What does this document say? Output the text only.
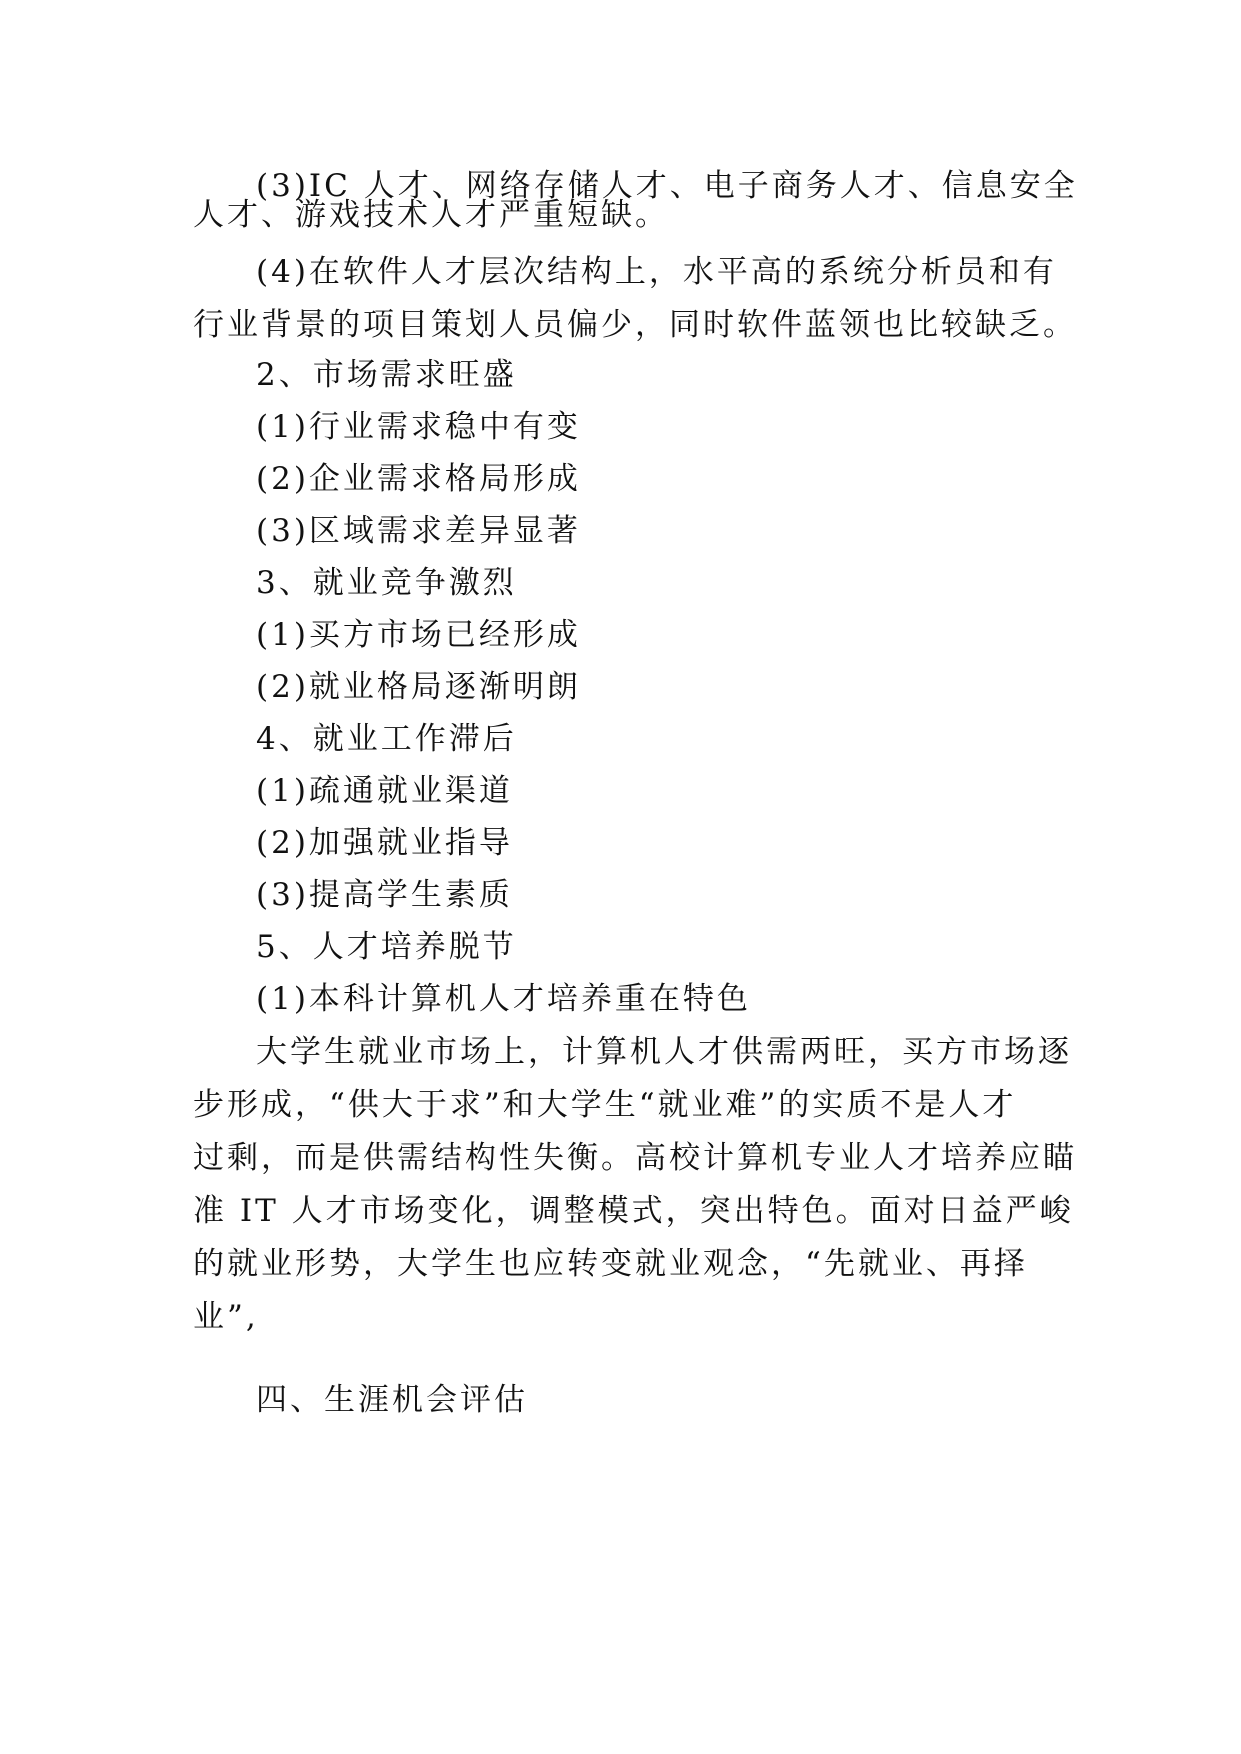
(3)IC 人才、网络存储人才、电子商务人才、信息安全
人才、游戏技术人才严重短缺。
(4)在软件人才层次结构上，水平高的系统分析员和有
行业背景的项目策划人员偏少，同时软件蓝领也比较缺乏。
2、市场需求旺盛
(1)行业需求稳中有变
(2)企业需求格局形成
(3)区域需求差异显著
3、就业竞争激烈
(1)买方市场已经形成
(2)就业格局逐渐明朗
4、就业工作滞后
(1)疏通就业渠道
(2)加强就业指导
(3)提高学生素质
5、人才培养脱节
(1)本科计算机人才培养重在特色
大学生就业市场上，计算机人才供需两旺，买方市场逐
步形成，“供大于求”和大学生“就业难”的实质不是人才
过剩，而是供需结构性失衡。高校计算机专业人才培养应瞄
准 IT 人才市场变化，调整模式，突出特色。面对日益严峻
的就业形势，大学生也应转变就业观念，“先就业、再择
业”,
四、生涯机会评估
